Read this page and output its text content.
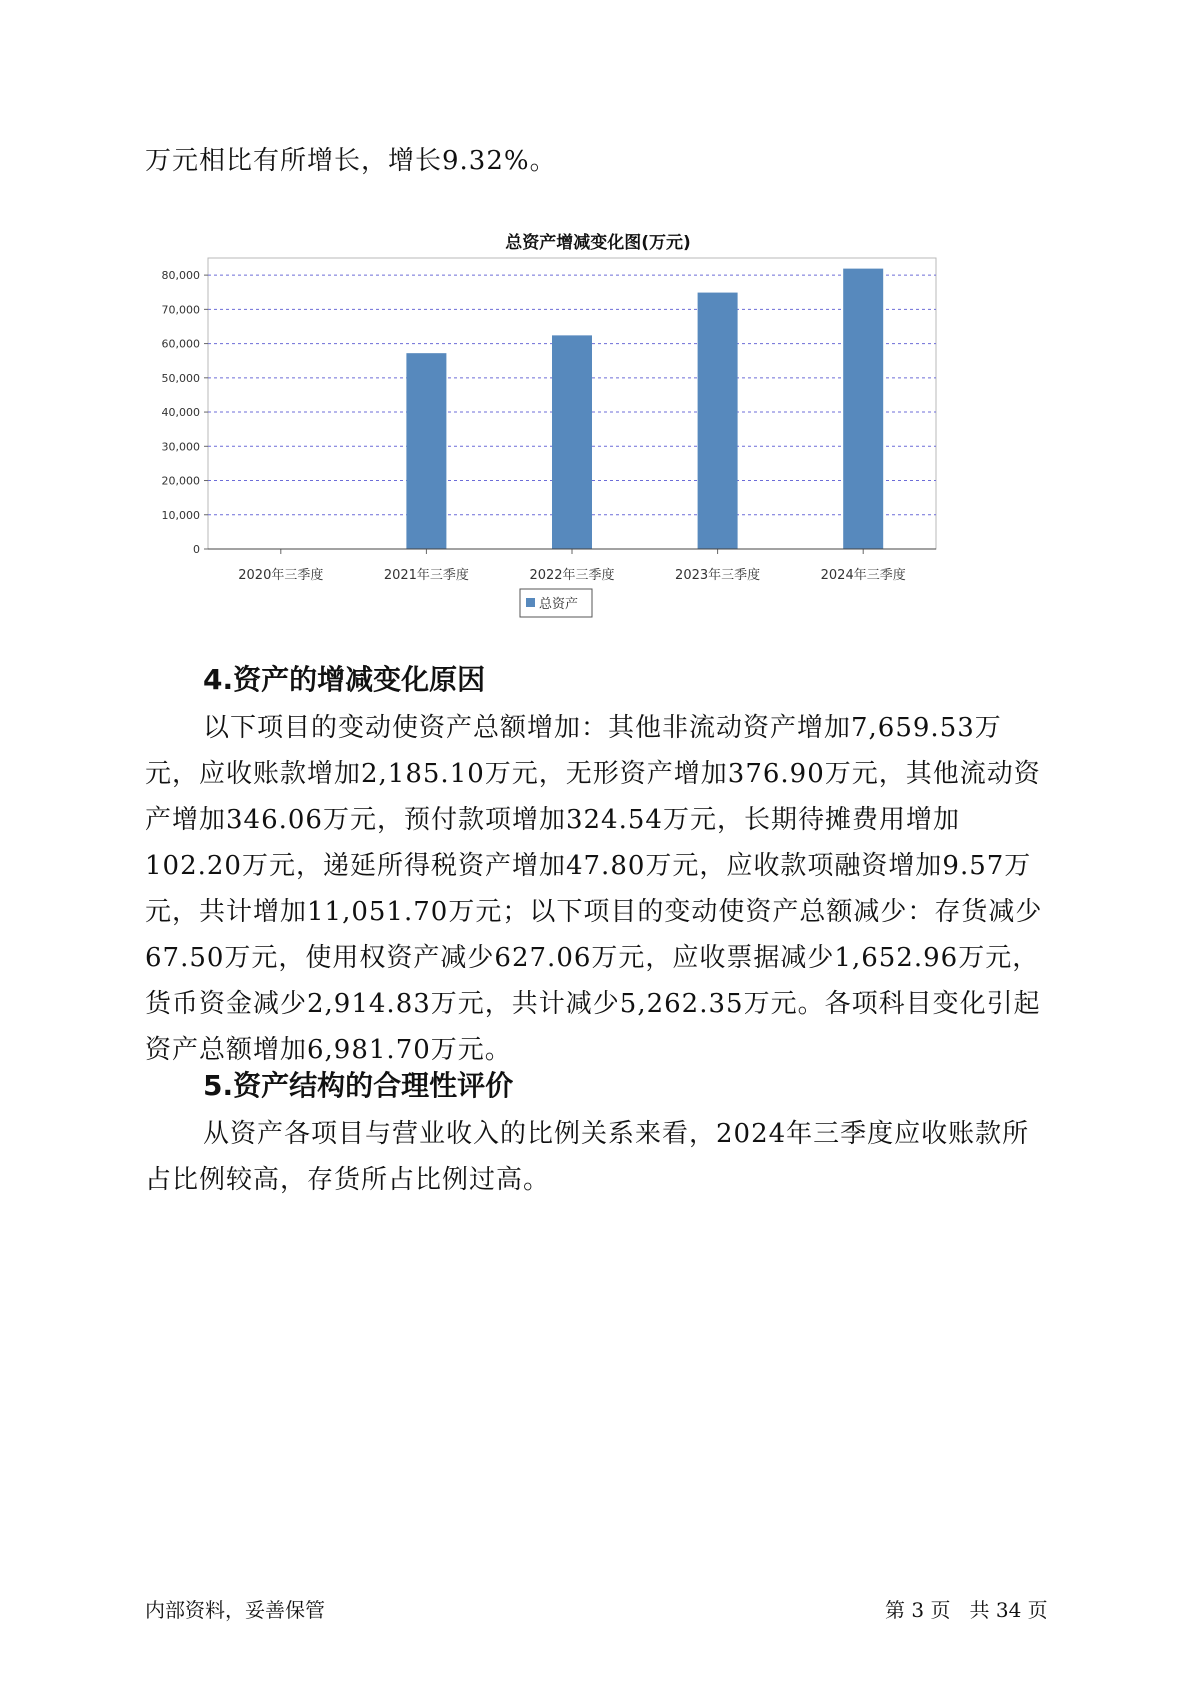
万元相比有所增长，增长9.32%。

总资产增减变化图(万元)
0
10,000
20,000
30,000
40,000
50,000
60,000
70,000
80,000
2020年三季度	2021年三季度	2022年三季度	2023年三季度	2024年三季度
总资产
4.资产的增减变化原因

以下项目的变动使资产总额增加：其他非流动资产增加7,659.53万元，应收账款增加2,185.10万元，无形资产增加376.90万元，其他流动资产增加346.06万元，预付款项增加324.54万元，长期待摊费用增加102.20万元，递延所得税资产增加47.80万元，应收款项融资增加9.57万元，共计增加11,051.70万元；以下项目的变动使资产总额减少：存货减少67.50万元，使用权资产减少627.06万元，应收票据减少1,652.96万元，货币资金减少2,914.83万元，共计减少5,262.35万元。各项科目变化引起资产总额增加6,981.70万元。

5.资产结构的合理性评价

从资产各项目与营业收入的比例关系来看，2024年三季度应收账款所占比例较高，存货所占比例过高。

内部资料，妥善保管	第 3 页   共 34 页
